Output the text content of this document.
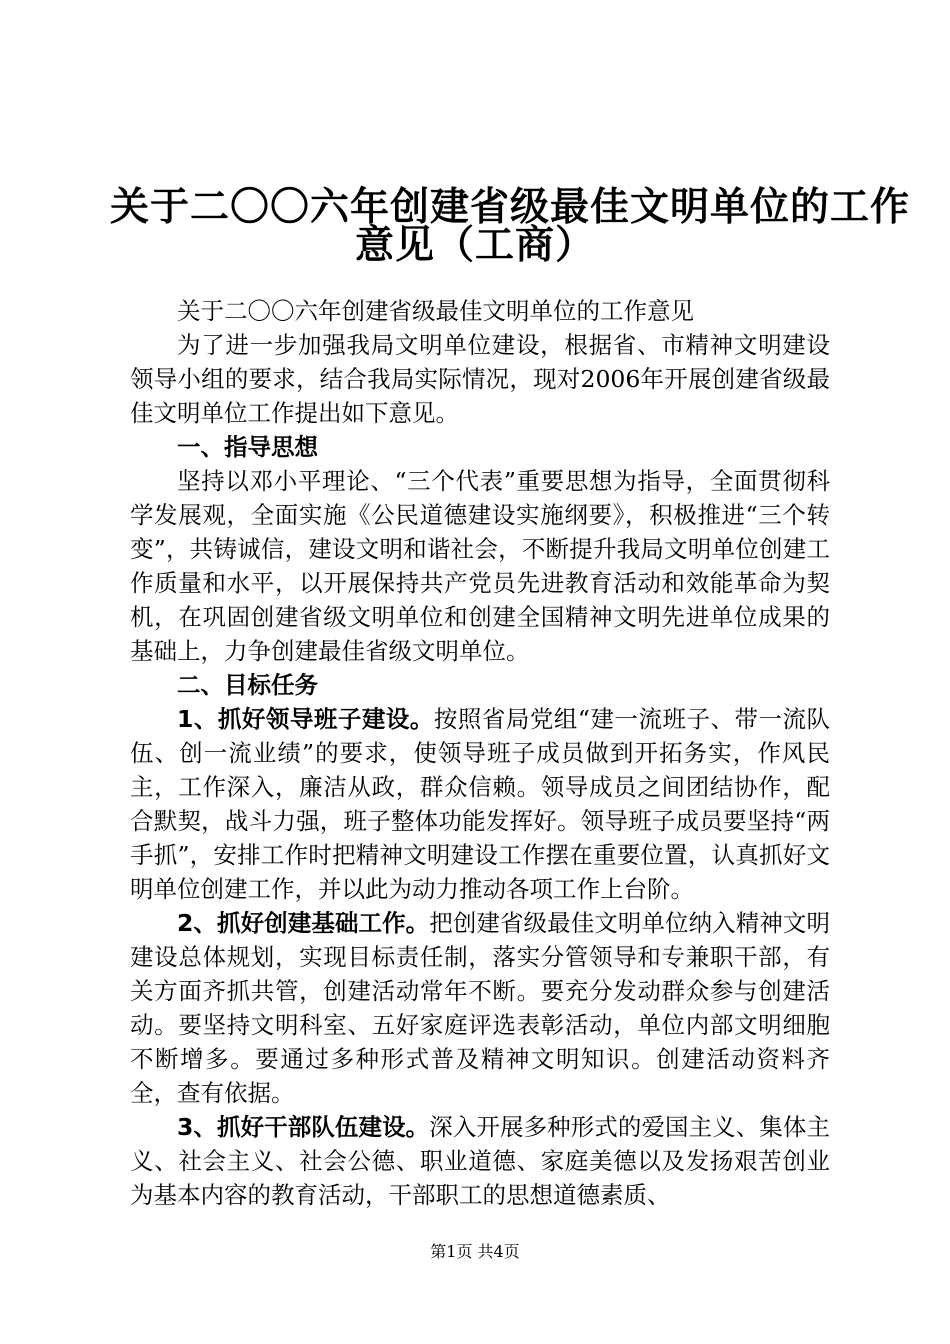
关于二〇〇六年创建省级最佳文明单位的工作
意见（工商）

关于二〇〇六年创建省级最佳文明单位的工作意见

为了进一步加强我局文明单位建设，根据省、市精神文明建设领导小组的要求，结合我局实际情况，现对2006年开展创建省级最佳文明单位工作提出如下意见。

一、指导思想

坚持以邓小平理论、“三个代表”重要思想为指导，全面贯彻科学发展观，全面实施《公民道德建设实施纲要》，积极推进“三个转变”，共铸诚信，建设文明和谐社会，不断提升我局文明单位创建工作质量和水平，以开展保持共产党员先进教育活动和效能革命为契机，在巩固创建省级文明单位和创建全国精神文明先进单位成果的基础上，力争创建最佳省级文明单位。

二、目标任务

1、抓好领导班子建设。按照省局党组“建一流班子、带一流队伍、创一流业绩”的要求，使领导班子成员做到开拓务实，作风民主，工作深入，廉洁从政，群众信赖。领导成员之间团结协作，配合默契，战斗力强，班子整体功能发挥好。领导班子成员要坚持“两手抓”，安排工作时把精神文明建设工作摆在重要位置，认真抓好文明单位创建工作，并以此为动力推动各项工作上台阶。

2、抓好创建基础工作。把创建省级最佳文明单位纳入精神文明建设总体规划，实现目标责任制，落实分管领导和专兼职干部，有关方面齐抓共管，创建活动常年不断。要充分发动群众参与创建活动。要坚持文明科室、五好家庭评选表彰活动，单位内部文明细胞不断增多。要通过多种形式普及精神文明知识。创建活动资料齐全，查有依据。

3、抓好干部队伍建设。深入开展多种形式的爱国主义、集体主义、社会主义、社会公德、职业道德、家庭美德以及发扬艰苦创业为基本内容的教育活动，干部职工的思想道德素质、

第1页 共4页
